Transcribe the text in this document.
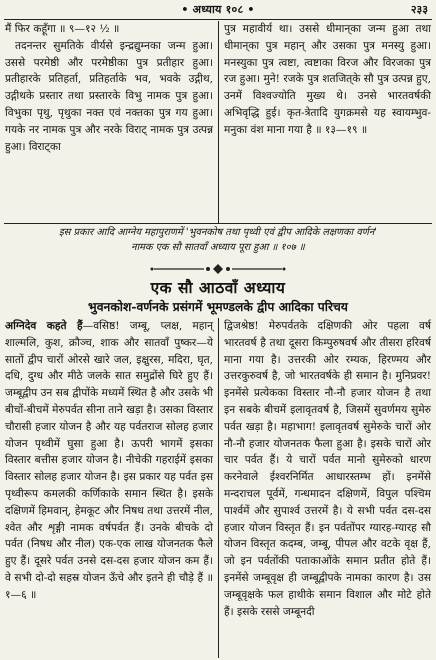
• अध्याय १०८ •	२३३

मैं फिर कहूँगा ॥ ९—१२ ½ ॥

तदनन्तर सुमतिके वीर्यसे इन्द्रद्युम्नका जन्म हुआ। उससे परमेष्ठी और परमेष्ठीका पुत्र प्रतीहार हुआ। प्रतीहारके प्रतिहर्ता, प्रतिहर्ताके भव, भवके उद्गीथ, उद्गीथके प्रस्तार तथा प्रस्तारके विभु नामक पुत्र हुआ। विभुका पृथु, पृथुका नक्त एवं नक्तका पुत्र गय हुआ। गयके नर नामक पुत्र और नरके विराट् नामक पुत्र उत्पन्न हुआ। विराट्का

पुत्र महावीर्य था। उससे धीमान्‌का जन्म हुआ तथा धीमान्‌का पुत्र महान्‌ और उसका पुत्र मनस्यु हुआ। मनस्युका पुत्र त्वष्टा, त्वष्टाका विरज और विरजका पुत्र रज हुआ। मुने! रजके पुत्र शतजित्‌के सौ पुत्र उत्पन्न हुए, उनमें विश्वज्योति मुख्य थे। उनसे भारतवर्षकी अभिवृद्धि हुई। कृत-त्रेतादि युगक्रमसे यह स्वायम्भुव-मनुका वंश माना गया है ॥ १३—१९ ॥

इस प्रकार आदि आग्नेय महापुराणमें 'भुवनकोष तथा पृथ्वी एवं द्वीप आदिके लक्षणका वर्णन'
नामक एक सौ सातवाँ अध्याय पूरा हुआ ॥ १०७ ॥
एक सौ आठवाँ अध्याय
भुवनकोश-वर्णनके प्रसंगमें भूमण्डलके द्वीप आदिका परिचय

अग्निदेव कहते हैं—वसिष्ठ! जम्बू, प्लक्ष, महान्‌ शाल्मलि, कुश, क्रौञ्च, शाक और सातवाँ पुष्कर—ये सातों द्वीप चारों ओरसे खारे जल, इक्षुरस, मदिरा, घृत, दधि, दुग्ध और मीठे जलके सात समुद्रोंसे घिरे हुए हैं। जम्बूद्वीप उन सब द्वीपोंके मध्यमें स्थित है और उसके भी बीचों-बीचमें मेरुपर्वत सीना ताने खड़ा है। उसका विस्तार चौरासी हजार योजन है और यह पर्वतराज सोलह हजार योजन पृथ्वीमें घुसा हुआ है। ऊपरी भागमें इसका विस्तार बत्तीस हजार योजन है। नीचेकी गहराईमें इसका विस्तार सोलह हजार योजन है। इस प्रकार यह पर्वत इस पृथ्वीरूप कमलकी कर्णिकाके समान स्थित है। इसके दक्षिणमें हिमवान्‌, हेमकूट और निषध तथा उत्तरमें नील, श्वेत और शृङ्गी नामक वर्षपर्वत हैं। उनके बीचके दो पर्वत (निषध और नील) एक-एक लाख योजनतक फैले हुए हैं। दूसरे पर्वत उनसे दस-दस हजार योजन कम हैं। वे सभी दो-दो सहस्र योजन ऊँचे और इतने ही चौड़े हैं ॥ १—६ ॥

द्विजश्रेष्ठ! मेरुपर्वतके दक्षिणकी ओर पहला वर्ष भारतवर्ष है तथा दूसरा किम्पुरुषवर्ष और तीसरा हरिवर्ष माना गया है। उत्तरकी ओर रम्यक, हिरण्मय और उत्तरकुरुवर्ष है, जो भारतवर्षके ही समान है। मुनिप्रवर! इनमेंसे प्रत्येकका विस्तार नौ-नौ हजार योजन है तथा इन सबके बीचमें इलावृतवर्ष है, जिसमें सुवर्णमय सुमेरु पर्वत खड़ा है। महाभाग! इलावृतवर्ष सुमेरुके चारों ओर नौ-नौ हजार योजनतक फैला हुआ है। इसके चारों ओर चार पर्वत हैं। ये चारों पर्वत मानो सुमेरुको धारण करनेवाले ईश्वरनिर्मित आधारस्तम्भ हों। इनमेंसे मन्दराचल पूर्वमें, गन्धमादन दक्षिणमें, विपुल पश्चिम पार्श्वमें और सुपार्श्व उत्तरमें है। ये सभी पर्वत दस-दस हजार योजन विस्तृत हैं। इन पर्वतोंपर ग्यारह-ग्यारह सौ योजन विस्तृत कदम्ब, जम्बू, पीपल और वटके वृक्ष हैं, जो इन पर्वतोंकी पताकाओंके समान प्रतीत होते हैं। इनमेंसे जम्बूवृक्ष ही जम्बूद्वीपके नामका कारण है। उस जम्बूवृक्षके फल हाथीके समान विशाल और मोटे होते हैं। इसके रससे जम्बूनदी
